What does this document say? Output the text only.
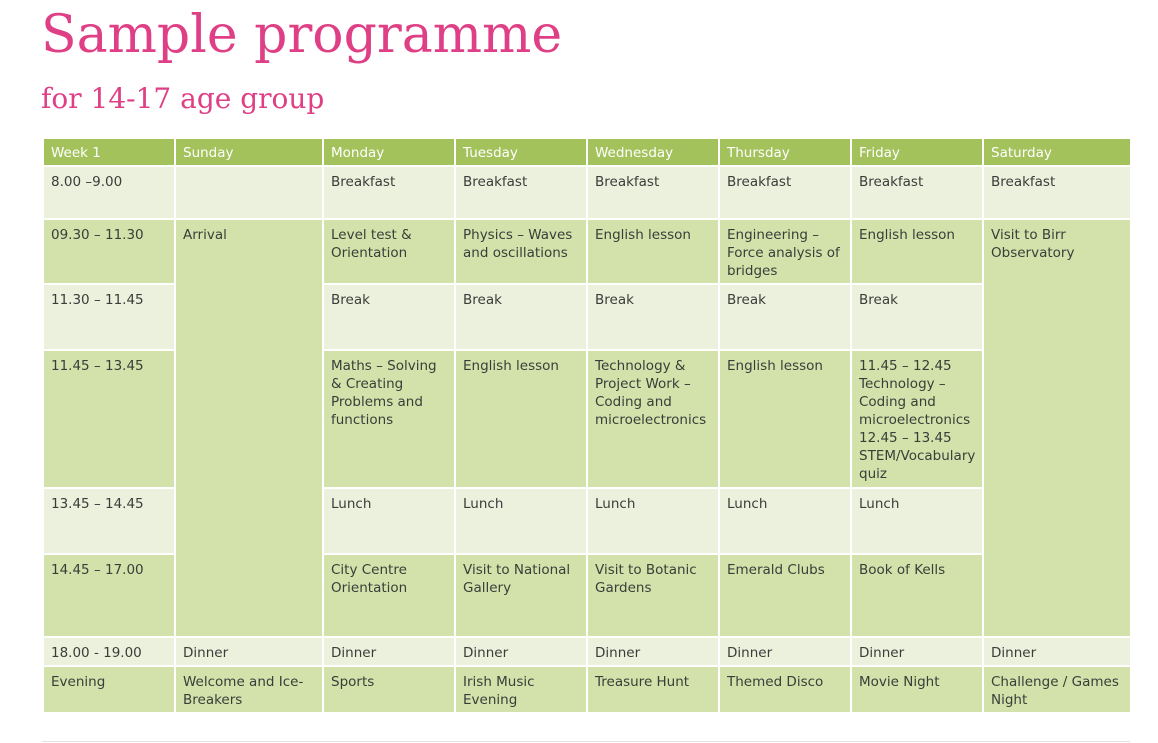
Sample programme
for 14-17 age group
Week 1	Sunday	Monday	Tuesday	Wednesday	Thursday	Friday	Saturday
8.00 –9.00		Breakfast	Breakfast	Breakfast	Breakfast	Breakfast	Breakfast
09.30 – 11.30	Arrival	Level test & Orientation	Physics – Waves and oscillations	English lesson	Engineering – Force analysis of bridges	English lesson	Visit to Birr Observatory
11.30 – 11.45		Break	Break	Break	Break	Break	
11.45 – 13.45		Maths – Solving & Creating Problems and functions	English lesson	Technology & Project Work – Coding and microelectronics	English lesson	11.45 – 12.45 Technology – Coding and microelectronics 12.45 – 13.45 STEM/Vocabulary quiz	
13.45 – 14.45		Lunch	Lunch	Lunch	Lunch	Lunch	
14.45 – 17.00		City Centre Orientation	Visit to National Gallery	Visit to Botanic Gardens	Emerald Clubs	Book of Kells	
18.00 - 19.00	Dinner	Dinner	Dinner	Dinner	Dinner	Dinner	Dinner
Evening	Welcome and Ice-Breakers	Sports	Irish Music Evening	Treasure Hunt	Themed Disco	Movie Night	Challenge / Games Night
